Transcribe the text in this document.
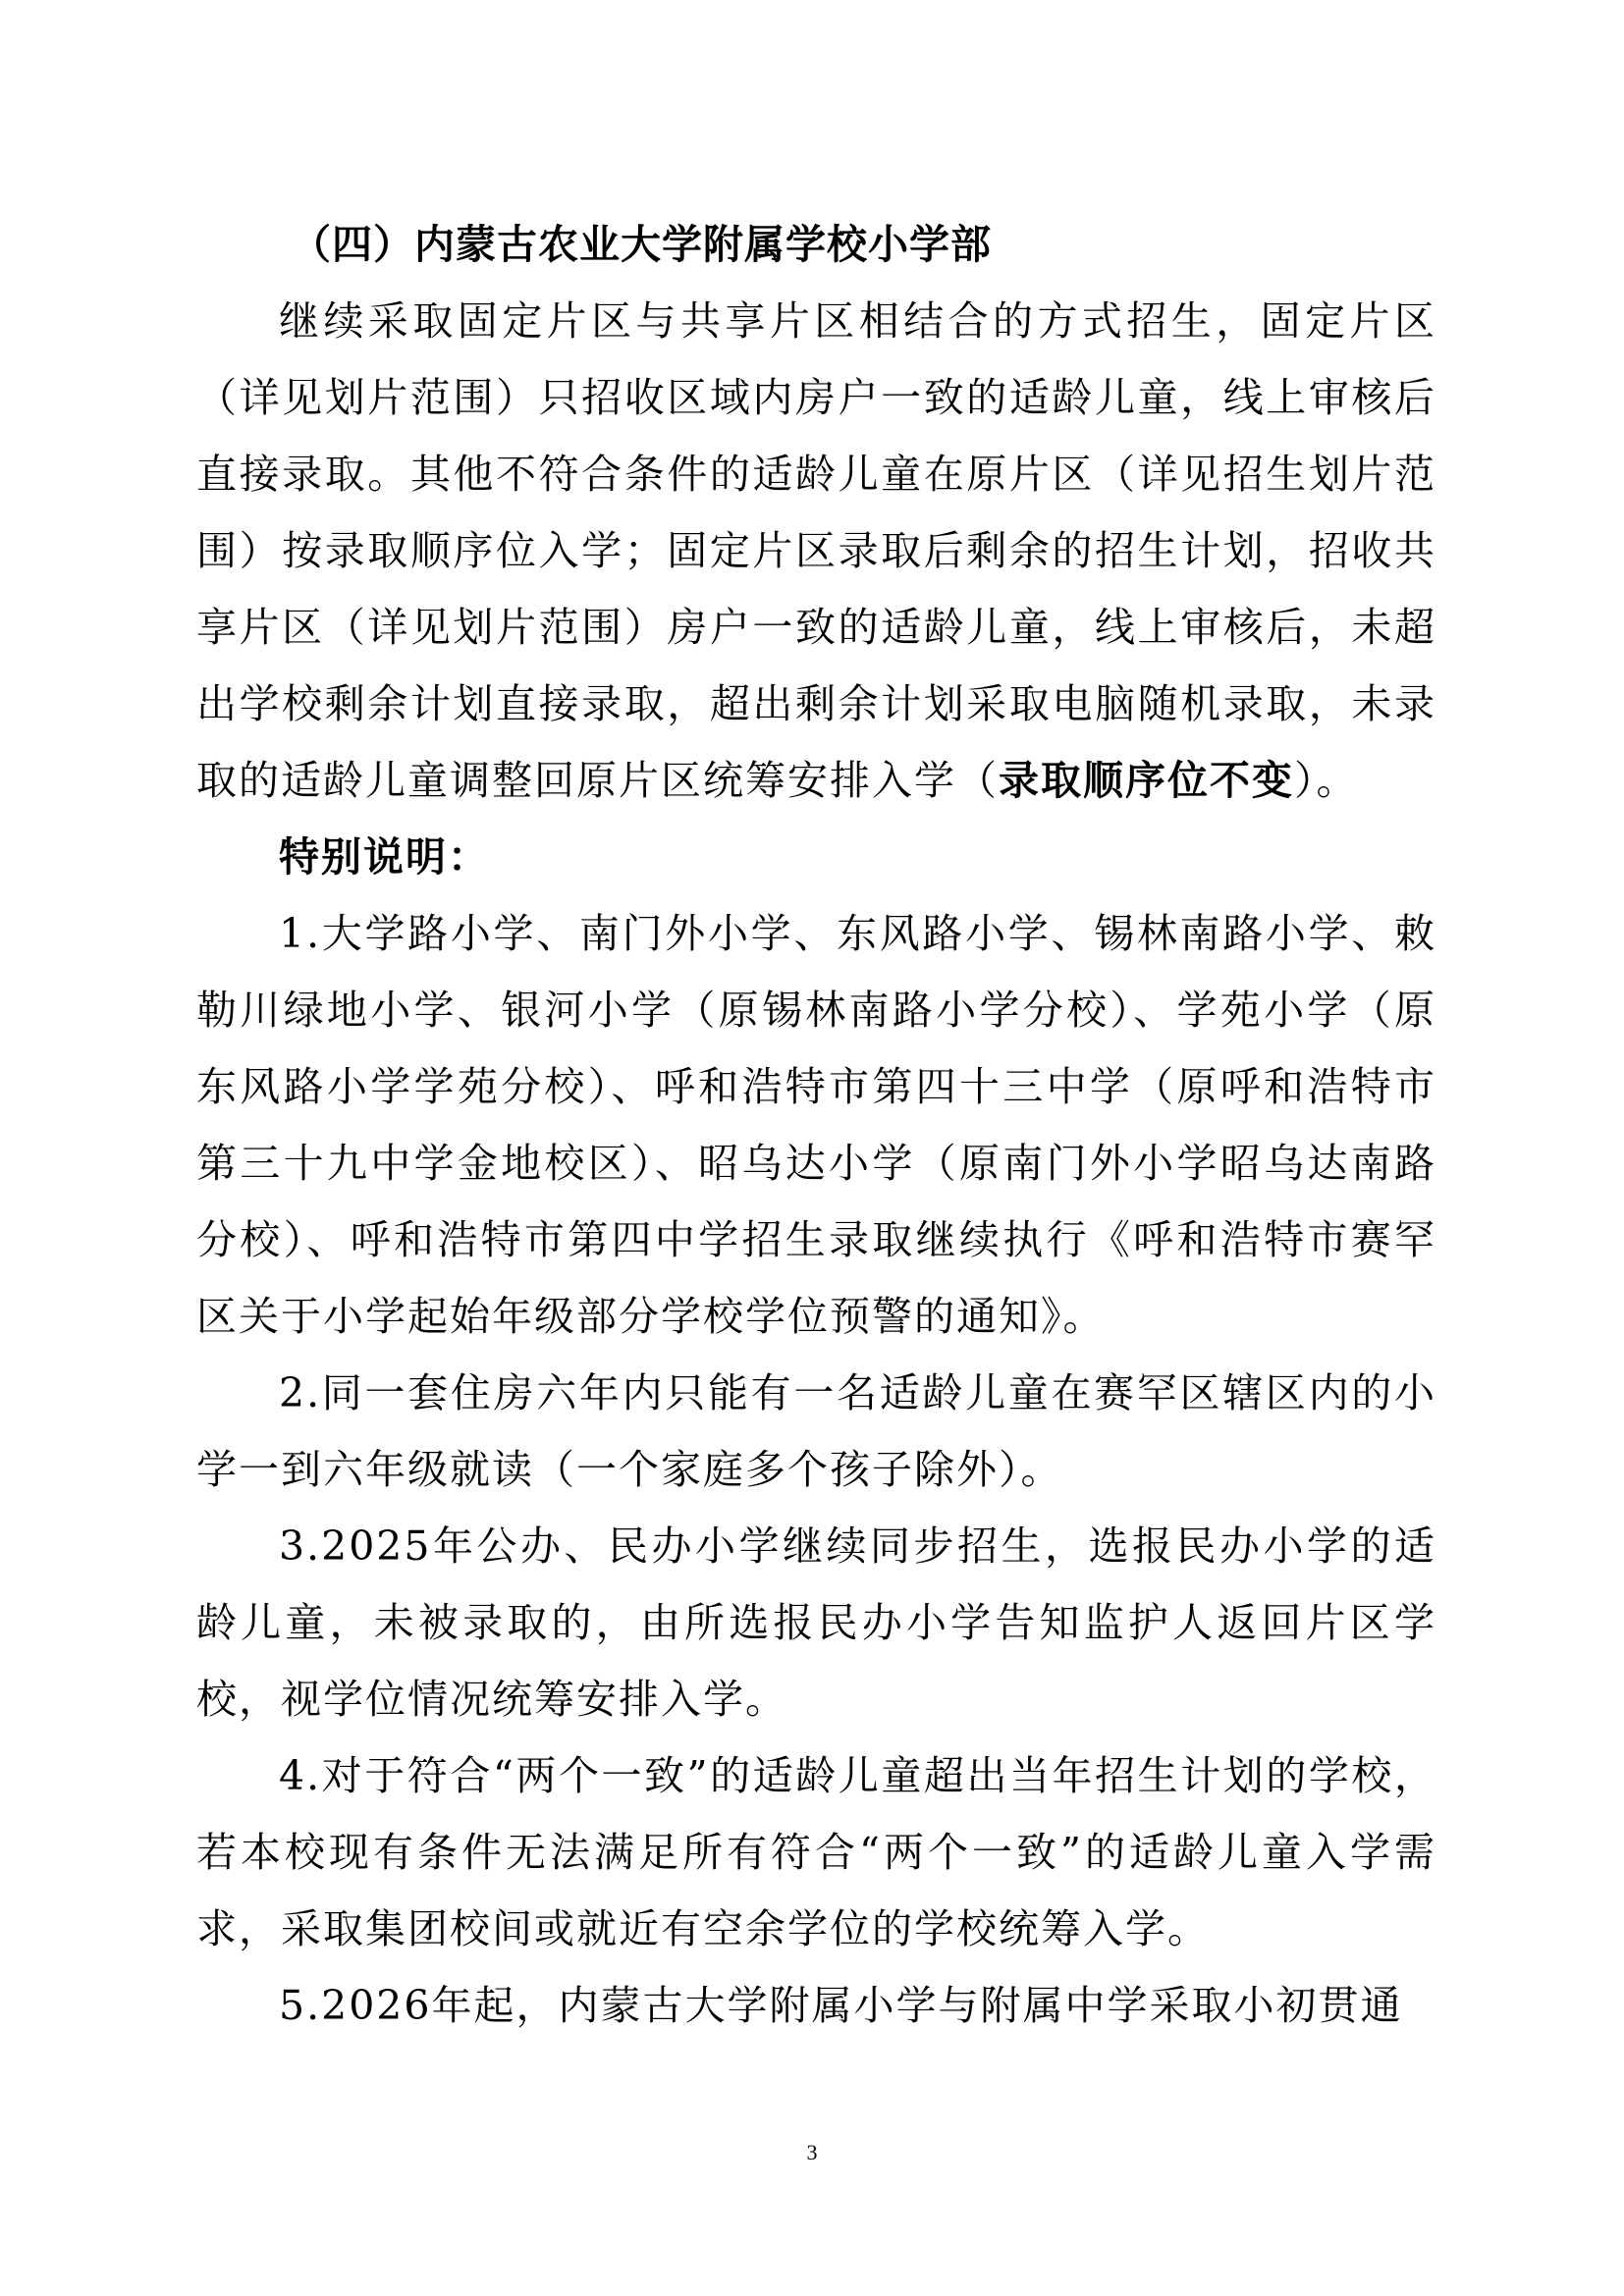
（四）内蒙古农业大学附属学校小学部

继续采取固定片区与共享片区相结合的方式招生，固定片区（详见划片范围）只招收区域内房户一致的适龄儿童，线上审核后直接录取。其他不符合条件的适龄儿童在原片区（详见招生划片范围）按录取顺序位入学；固定片区录取后剩余的招生计划，招收共享片区（详见划片范围）房户一致的适龄儿童，线上审核后，未超出学校剩余计划直接录取，超出剩余计划采取电脑随机录取，未录取的适龄儿童调整回原片区统筹安排入学（录取顺序位不变）。

特别说明：

1.大学路小学、南门外小学、东风路小学、锡林南路小学、敕勒川绿地小学、银河小学（原锡林南路小学分校）、学苑小学（原东风路小学学苑分校）、呼和浩特市第四十三中学（原呼和浩特市第三十九中学金地校区）、昭乌达小学（原南门外小学昭乌达南路分校）、呼和浩特市第四中学招生录取继续执行《呼和浩特市赛罕区关于小学起始年级部分学校学位预警的通知》。

2.同一套住房六年内只能有一名适龄儿童在赛罕区辖区内的小学一到六年级就读（一个家庭多个孩子除外）。

3.2025年公办、民办小学继续同步招生，选报民办小学的适龄儿童，未被录取的，由所选报民办小学告知监护人返回片区学校，视学位情况统筹安排入学。

4.对于符合“两个一致”的适龄儿童超出当年招生计划的学校，若本校现有条件无法满足所有符合“两个一致”的适龄儿童入学需求，采取集团校间或就近有空余学位的学校统筹入学。

5.2026年起，内蒙古大学附属小学与附属中学采取小初贯通

3
